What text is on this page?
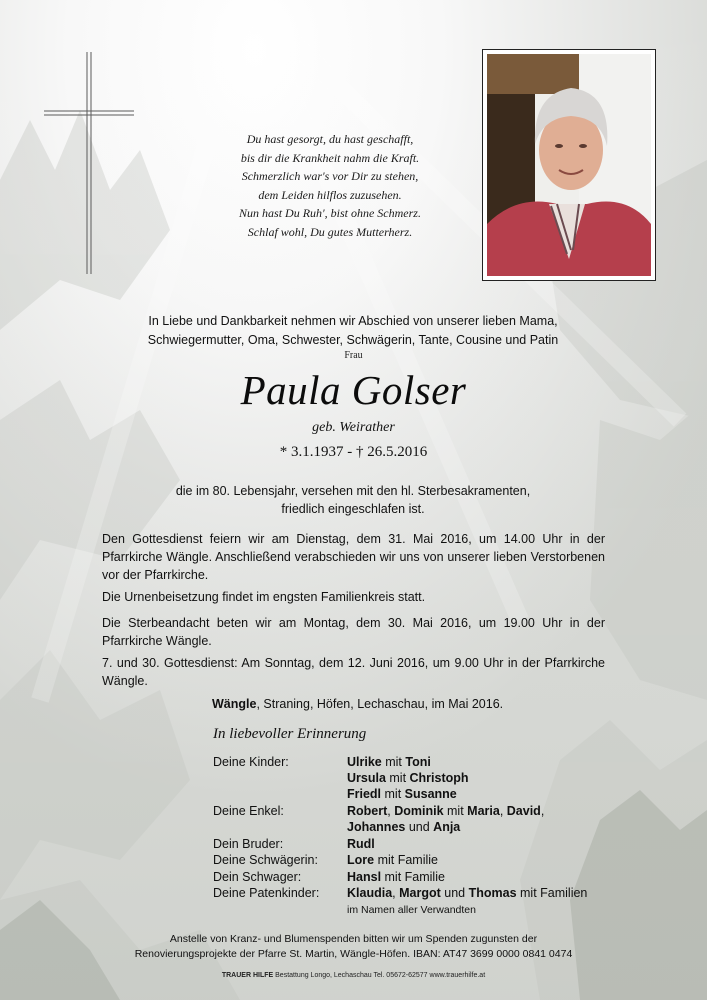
Du hast gesorgt, du hast geschafft,
bis dir die Krankheit nahm die Kraft.
Schmerzlich war's vor Dir zu stehen,
dem Leiden hilflos zuzusehen.
Nun hast Du Ruh', bist ohne Schmerz.
Schlaf wohl, Du gutes Mutterherz.
In Liebe und Dankbarkeit nehmen wir Abschied von unserer lieben Mama,
Schwiegermutter, Oma, Schwester, Schwägerin, Tante, Cousine und Patin
Frau
Paula Golser
geb. Weirather
* 3.1.1937 - † 26.5.2016
die im 80. Lebensjahr, versehen mit den hl. Sterbesakramenten,
friedlich eingeschlafen ist.
Den Gottesdienst feiern wir am Dienstag, dem 31. Mai 2016, um 14.00 Uhr in der Pfarrkirche Wängle. Anschließend verabschieden wir uns von unserer lieben Verstorbenen vor der Pfarrkirche.
Die Urnenbeisetzung findet im engsten Familienkreis statt.
Die Sterbeandacht beten wir am Montag, dem 30. Mai 2016, um 19.00 Uhr in der Pfarrkirche Wängle.
7. und 30. Gottesdienst: Am Sonntag, dem 12. Juni 2016, um 9.00 Uhr in der Pfarrkirche Wängle.
Wängle, Straning, Höfen, Lechaschau, im Mai 2016.
In liebevoller Erinnerung
Deine Kinder:	Ulrike mit Toni
Ursula mit Christoph
Friedl mit Susanne
Deine Enkel:	Robert, Dominik mit Maria, David,
Johannes und Anja
Dein Bruder:	Rudl
Deine Schwägerin: Lore mit Familie
Dein Schwager:	Hansl mit Familie
Deine Patenkinder: Klaudia, Margot und Thomas mit Familien
im Namen aller Verwandten
Anstelle von Kranz- und Blumenspenden bitten wir um Spenden zugunsten der
Renovierungsprojekte der Pfarre St. Martin, Wängle-Höfen. IBAN: AT47 3699 0000 0841 0474
TRAUER HILFE Bestattung Longo, Lechaschau Tel. 05672-62577 www.trauerhilfe.at
